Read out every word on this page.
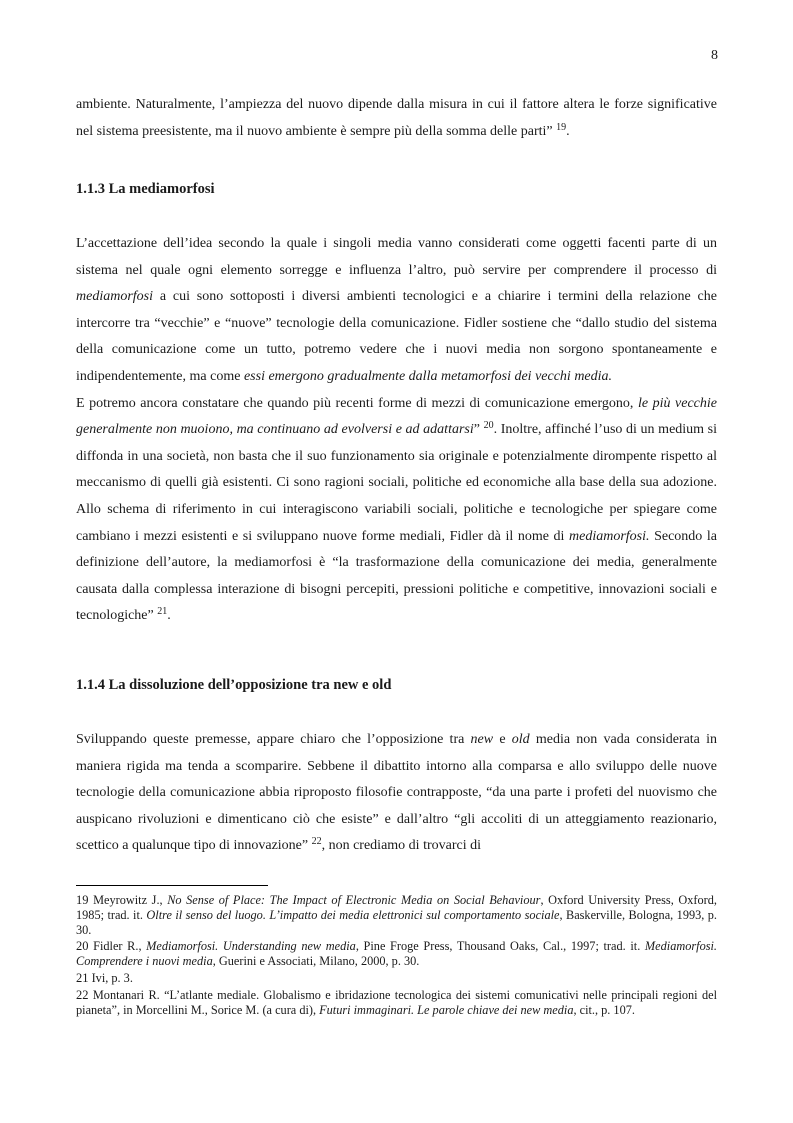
8

ambiente. Naturalmente, l’ampiezza del nuovo dipende dalla misura in cui il fattore altera le forze significative nel sistema preesistente, ma il nuovo ambiente è sempre più della somma delle parti” $^{19}$.

1.1.3 La mediamorfosi

L’accettazione dell’idea secondo la quale i singoli media vanno considerati come oggetti facenti parte di un sistema nel quale ogni elemento sorregge e influenza l’altro, può servire per comprendere il processo di mediamorfosi a cui sono sottoposti i diversi ambienti tecnologici e a chiarire i termini della relazione che intercorre tra “vecchie” e “nuove” tecnologie della comunicazione. Fidler sostiene che “dallo studio del sistema della comunicazione come un tutto, potremo vedere che i nuovi media non sorgono spontaneamente e indipendentemente, ma come essi emergono gradualmente dalla metamorfosi dei vecchi media.
E potremo ancora constatare che quando più recenti forme di mezzi di comunicazione emergono, le più vecchie generalmente non muoiono, ma continuano ad evolversi e ad adattarsi” $^{20}$. Inoltre, affinché l’uso di un medium si diffonda in una società, non basta che il suo funzionamento sia originale e potenzialmente dirompente rispetto al meccanismo di quelli già esistenti. Ci sono ragioni sociali, politiche ed economiche alla base della sua adozione. Allo schema di riferimento in cui interagiscono variabili sociali, politiche e tecnologiche per spiegare come cambiano i mezzi esistenti e si sviluppano nuove forme mediali, Fidler dà il nome di mediamorfosi. Secondo la definizione dell’autore, la mediamorfosi è “la trasformazione della comunicazione dei media, generalmente causata dalla complessa interazione di bisogni percepiti, pressioni politiche e competitive, innovazioni sociali e tecnologiche” $^{21}$.

1.1.4 La dissoluzione dell’opposizione tra new e old

Sviluppando queste premesse, appare chiaro che l’opposizione tra new e old media non vada considerata in maniera rigida ma tenda a scomparire. Sebbene il dibattito intorno alla comparsa e allo sviluppo delle nuove tecnologie della comunicazione abbia riproposto filosofie contrapposte, “da una parte i profeti del nuovismo che auspicano rivoluzioni e dimenticano ciò che esiste” e dall’altro “gli accoliti di un atteggiamento reazionario, scettico a qualunque tipo di innovazione” $^{22}$, non crediamo di trovarci di

19 Meyrowitz J., No Sense of Place: The Impact of Electronic Media on Social Behaviour, Oxford University Press, Oxford, 1985; trad. it. Oltre il senso del luogo. L’impatto dei media elettronici sul comportamento sociale, Baskerville, Bologna, 1993, p. 30.

20 Fidler R., Mediamorfosi. Understanding new media, Pine Froge Press, Thousand Oaks, Cal., 1997; trad. it. Mediamorfosi. Comprendere i nuovi media, Guerini e Associati, Milano, 2000, p. 30.

21 Ivi, p. 3.

22 Montanari R. “L’atlante mediale. Globalismo e ibridazione tecnologica dei sistemi comunicativi nelle principali regioni del pianeta”, in Morcellini M., Sorice M. (a cura di), Futuri immaginari. Le parole chiave dei new media, cit., p. 107.
